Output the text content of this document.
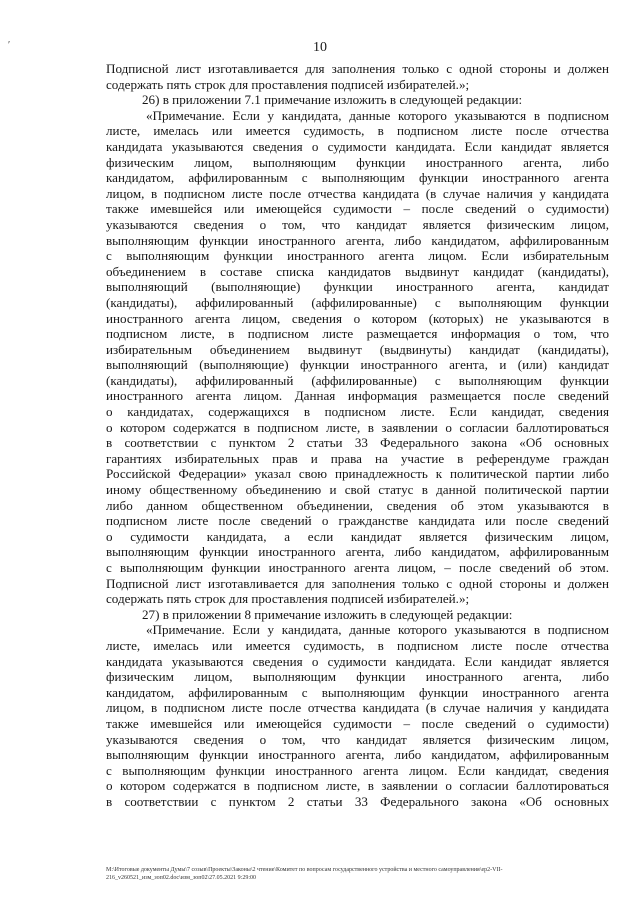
ʹ	10
Подписной лист изготавливается для заполнения только с одной стороны и должен
содержать пять строк для проставления подписей избирателей.»;
26) в приложении 7.1 примечание изложить в следующей редакции:
«Примечание. Если у кандидата, данные которого указываются в подписном
листе, имелась или имеется судимость, в подписном листе после отчества
кандидата указываются сведения о судимости кандидата. Если кандидат является
физическим лицом, выполняющим функции иностранного агента, либо
кандидатом, аффилированным с выполняющим функции иностранного агента
лицом, в подписном листе после отчества кандидата (в случае наличия у кандидата
также имевшейся или имеющейся судимости – после сведений о судимости)
указываются сведения о том, что кандидат является физическим лицом,
выполняющим функции иностранного агента, либо кандидатом, аффилированным
с выполняющим функции иностранного агента лицом. Если избирательным
объединением в составе списка кандидатов выдвинут кандидат (кандидаты),
выполняющий (выполняющие) функции иностранного агента, кандидат
(кандидаты), аффилированный (аффилированные) с выполняющим функции
иностранного агента лицом, сведения о котором (которых) не указываются в
подписном листе, в подписном листе размещается информация о том, что
избирательным объединением выдвинут (выдвинуты) кандидат (кандидаты),
выполняющий (выполняющие) функции иностранного агента, и (или) кандидат
(кандидаты), аффилированный (аффилированные) с выполняющим функции
иностранного агента лицом. Данная информация размещается после сведений
о кандидатах, содержащихся в подписном листе. Если кандидат, сведения
о котором содержатся в подписном листе, в заявлении о согласии баллотироваться
в соответствии с пунктом 2 статьи 33 Федерального закона «Об основных
гарантиях избирательных прав и права на участие в референдуме граждан
Российской Федерации» указал свою принадлежность к политической партии либо
иному общественному объединению и свой статус в данной политической партии
либо данном общественном объединении, сведения об этом указываются в
подписном листе после сведений о гражданстве кандидата или после сведений
о судимости кандидата, а если кандидат является физическим лицом,
выполняющим функции иностранного агента, либо кандидатом, аффилированным
с выполняющим функции иностранного агента лицом, – после сведений об этом.
Подписной лист изготавливается для заполнения только с одной стороны и должен
содержать пять строк для проставления подписей избирателей.»;
27) в приложении 8 примечание изложить в следующей редакции:
«Примечание. Если у кандидата, данные которого указываются в подписном
листе, имелась или имеется судимость, в подписном листе после отчества
кандидата указываются сведения о судимости кандидата. Если кандидат является
физическим лицом, выполняющим функции иностранного агента, либо
кандидатом, аффилированным с выполняющим функции иностранного агента
лицом, в подписном листе после отчества кандидата (в случае наличия у кандидата
также имевшейся или имеющейся судимости – после сведений о судимости)
указываются сведения о том, что кандидат является физическим лицом,
выполняющим функции иностранного агента, либо кандидатом, аффилированным
с выполняющим функции иностранного агента лицом. Если кандидат, сведения
о котором содержатся в подписном листе, в заявлении о согласии баллотироваться
в соответствии с пунктом 2 статьи 33 Федерального закона «Об основных
М:\Итоговые документы Думы\7 созыв\Проекты\Законы\2 чтение\Комитет по вопросам государственного устройства и местного самоуправления\ер2-VII-
216_v260521_изм_зоп02.doc\изм_зоп02\27.05.2021 9:29:00
